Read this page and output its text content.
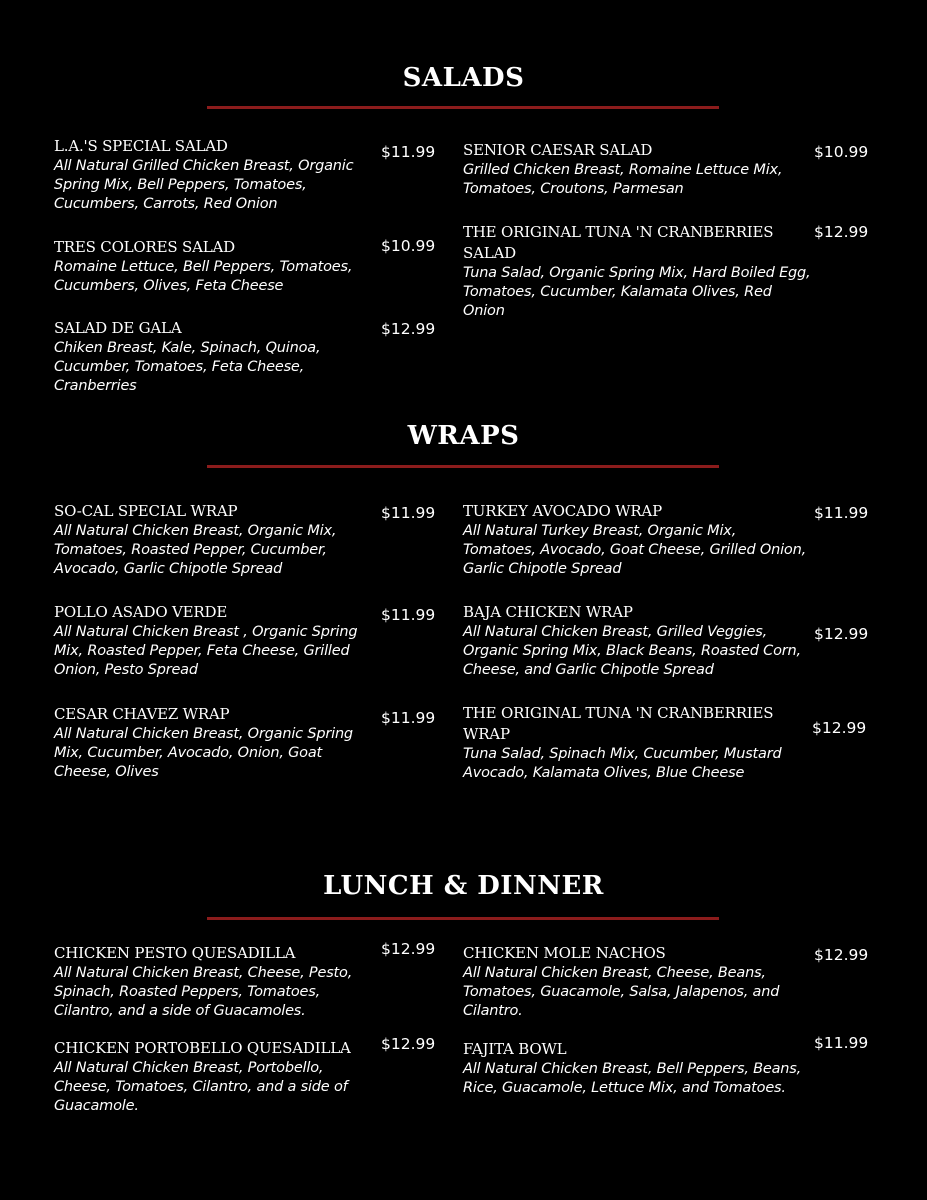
SALADS
L.A.'S SPECIAL SALAD
All Natural Grilled Chicken Breast, Organic Spring Mix, Bell Peppers, Tomatoes, Cucumbers, Carrots, Red Onion
$11.99
TRES COLORES SALAD
Romaine Lettuce, Bell Peppers, Tomatoes, Cucumbers, Olives, Feta Cheese
$10.99
SALAD DE GALA
Chiken Breast, Kale, Spinach, Quinoa, Cucumber, Tomatoes, Feta Cheese, Cranberries
$12.99
SENIOR CAESAR SALAD
Grilled Chicken Breast, Romaine Lettuce Mix, Tomatoes, Croutons, Parmesan
$10.99
THE ORIGINAL TUNA 'N CRANBERRIES SALAD
Tuna Salad, Organic Spring Mix, Hard Boiled Egg, Tomatoes, Cucumber, Kalamata Olives, Red Onion
$12.99
WRAPS
SO-CAL SPECIAL WRAP
All Natural Chicken Breast, Organic Mix, Tomatoes, Roasted Pepper, Cucumber, Avocado, Garlic Chipotle Spread
$11.99
POLLO ASADO VERDE
All Natural Chicken Breast , Organic Spring Mix, Roasted Pepper, Feta Cheese, Grilled Onion, Pesto Spread
$11.99
CESAR CHAVEZ WRAP
All Natural Chicken Breast, Organic Spring Mix, Cucumber, Avocado, Onion, Goat Cheese, Olives
$11.99
TURKEY AVOCADO WRAP
All Natural Turkey Breast, Organic Mix, Tomatoes, Avocado, Goat Cheese, Grilled Onion, Garlic Chipotle Spread
$11.99
BAJA CHICKEN WRAP
All Natural Chicken Breast, Grilled Veggies, Organic Spring Mix, Black Beans, Roasted Corn, Cheese, and Garlic Chipotle Spread
$12.99
THE ORIGINAL TUNA 'N CRANBERRIES WRAP
Tuna Salad, Spinach Mix, Cucumber, Mustard Avocado, Kalamata Olives, Blue Cheese
$12.99
LUNCH & DINNER
CHICKEN PESTO QUESADILLA
All Natural Chicken Breast, Cheese, Pesto, Spinach, Roasted Peppers, Tomatoes, Cilantro, and a side of Guacamoles.
$12.99
CHICKEN PORTOBELLO QUESADILLA
All Natural Chicken Breast, Portobello, Cheese, Tomatoes, Cilantro, and a side of Guacamole.
$12.99
CHICKEN MOLE NACHOS
All Natural Chicken Breast, Cheese, Beans, Tomatoes, Guacamole, Salsa, Jalapenos, and Cilantro.
$12.99
FAJITA BOWL
All Natural Chicken Breast, Bell Peppers, Beans, Rice, Guacamole, Lettuce Mix, and Tomatoes.
$11.99
